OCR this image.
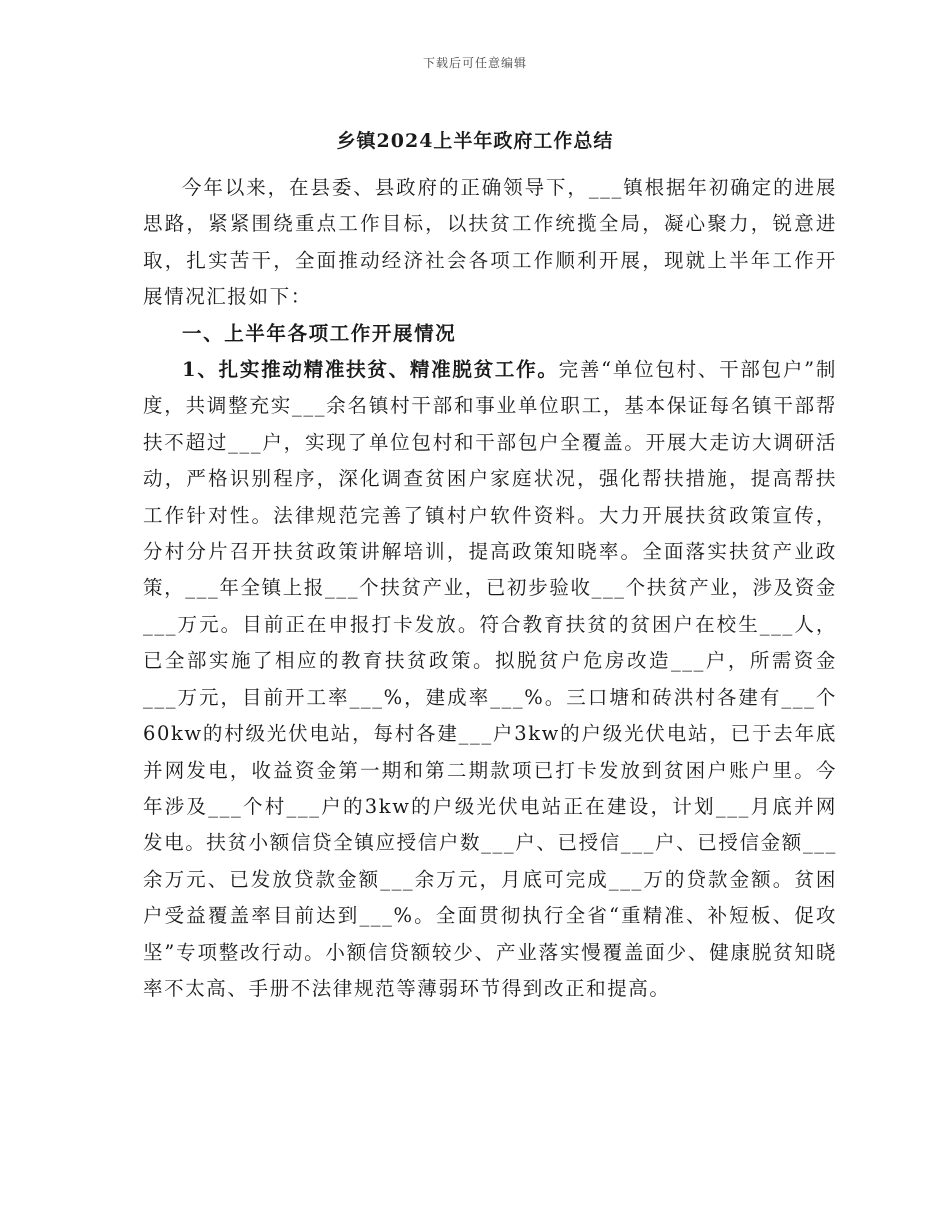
下载后可任意编辑
乡镇2024上半年政府工作总结

今年以来，在县委、县政府的正确领导下，___镇根据年初确定的进展思路，紧紧围绕重点工作目标，以扶贫工作统揽全局，凝心聚力，锐意进取，扎实苦干，全面推动经济社会各项工作顺利开展，现就上半年工作开展情况汇报如下：

一、上半年各项工作开展情况

1、扎实推动精准扶贫、精准脱贫工作。完善“单位包村、干部包户”制度，共调整充实___余名镇村干部和事业单位职工，基本保证每名镇干部帮扶不超过___户，实现了单位包村和干部包户全覆盖。开展大走访大调研活动，严格识别程序，深化调查贫困户家庭状况，强化帮扶措施，提高帮扶工作针对性。法律规范完善了镇村户软件资料。大力开展扶贫政策宣传，分村分片召开扶贫政策讲解培训，提高政策知晓率。全面落实扶贫产业政策，___年全镇上报___个扶贫产业，已初步验收___个扶贫产业，涉及资金___万元。目前正在申报打卡发放。符合教育扶贫的贫困户在校生___人，已全部实施了相应的教育扶贫政策。拟脱贫户危房改造___户，所需资金___万元，目前开工率___%，建成率___%。三口塘和砖洪村各建有___个60kw的村级光伏电站，每村各建___户3kw的户级光伏电站，已于去年底并网发电，收益资金第一期和第二期款项已打卡发放到贫困户账户里。今年涉及___个村___户的3kw的户级光伏电站正在建设，计划___月底并网发电。扶贫小额信贷全镇应授信户数___户、已授信___户、已授信金额___余万元、已发放贷款金额___余万元，月底可完成___万的贷款金额。贫困户受益覆盖率目前达到___%。全面贯彻执行全省“重精准、补短板、促攻坚”专项整改行动。小额信贷额较少、产业落实慢覆盖面少、健康脱贫知晓率不太高、手册不法律规范等薄弱环节得到改正和提高。
